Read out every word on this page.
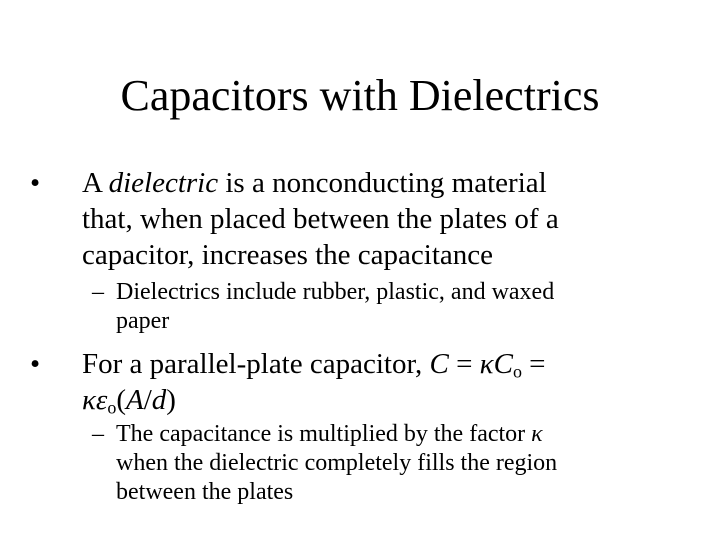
Capacitors with Dielectrics
• A dielectric is a nonconducting material
that, when placed between the plates of a
capacitor, increases the capacitance
– Dielectrics include rubber, plastic, and waxed
paper
• For a parallel-plate capacitor, $C = \kappa C_o$ =
$\kappa\varepsilon_o(A/d)$
– The capacitance is multiplied by the factor κ
when the dielectric completely fills the region
between the plates
